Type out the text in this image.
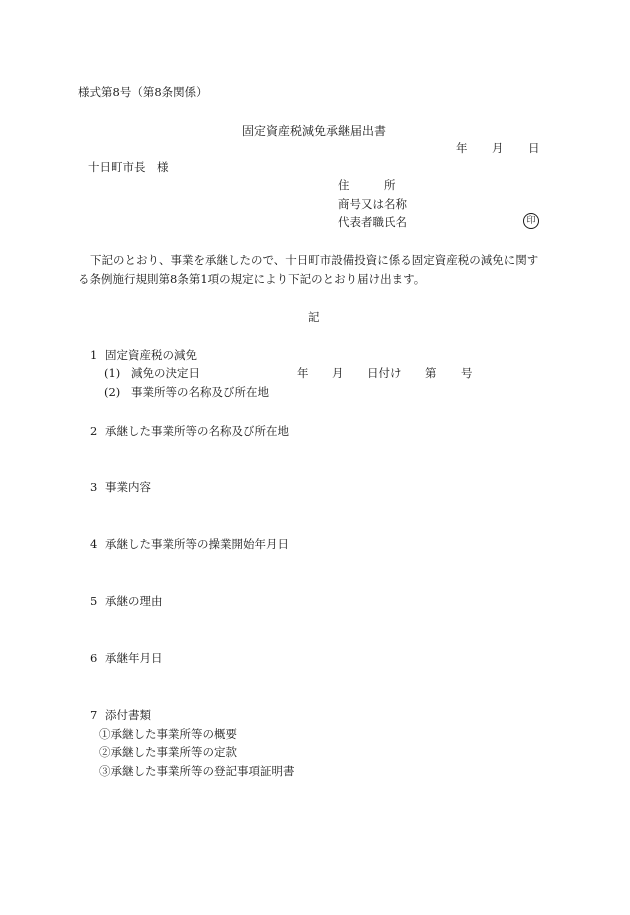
様式第8号（第8条関係）
固定資産税減免承継届出書
年 月 日
十日町市長　様
住　　　所
商号又は名称
代表者職氏名	印
下記のとおり、事業を承継したので、十日町市設備投資に係る固定資産税の減免に関す
る条例施行規則第8条第1項の規定により下記のとおり届け出ます。
記
1 固定資産税の減免
(1) 減免の決定日	年 月 日付け 第 号
(2) 事業所等の名称及び所在地
2 承継した事業所等の名称及び所在地
3 事業内容
4 承継した事業所等の操業開始年月日
5 承継の理由
6 承継年月日
7 添付書類
①承継した事業所等の概要
②承継した事業所等の定款
③承継した事業所等の登記事項証明書
